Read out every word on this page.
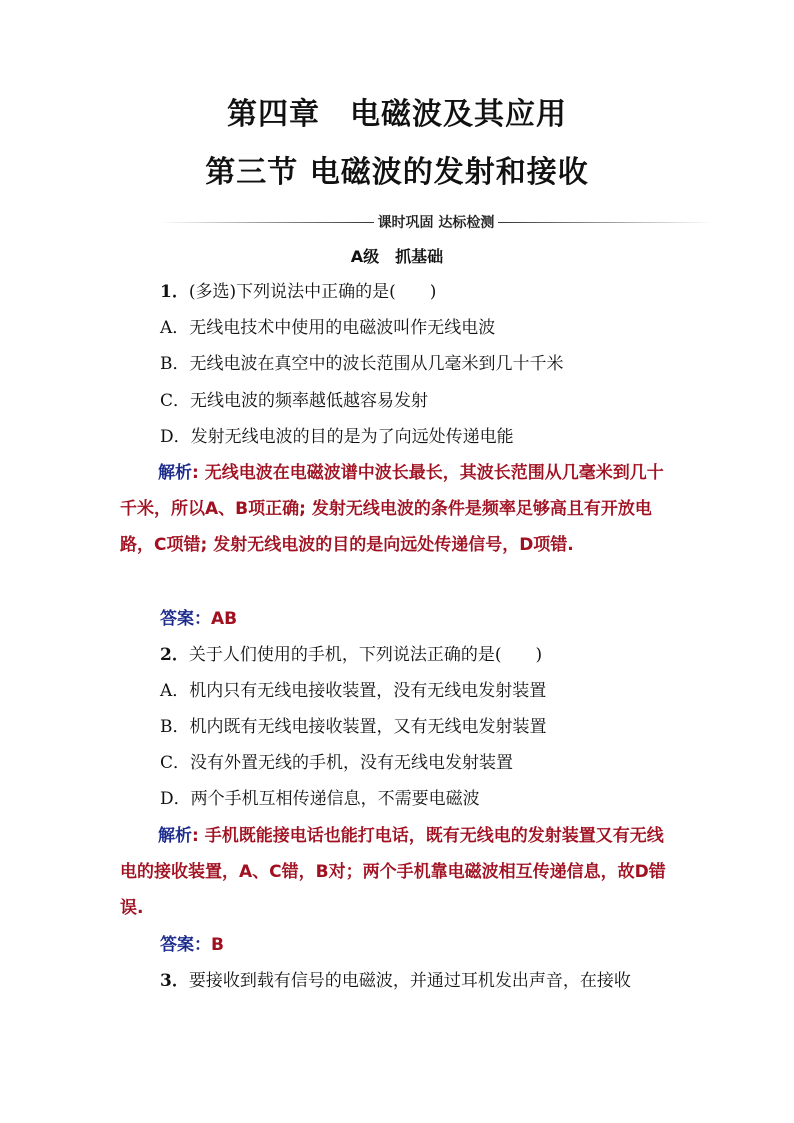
第四章 电磁波及其应用
第三节 电磁波的发射和接收
课时巩固 达标检测
A级　抓基础
1．(多选)下列说法中正确的是(　　)
A．无线电技术中使用的电磁波叫作无线电波
B．无线电波在真空中的波长范围从几毫米到几十千米
C．无线电波的频率越低越容易发射
D．发射无线电波的目的是为了向远处传递电能
解析: 无线电波在电磁波谱中波长最长，其波长范围从几毫米到几十千米，所以A、B项正确; 发射无线电波的条件是频率足够高且有开放电路，C项错; 发射无线电波的目的是向远处传递信号，D项错.
答案：AB
2．关于人们使用的手机，下列说法正确的是(　　)
A．机内只有无线电接收装置，没有无线电发射装置
B．机内既有无线电接收装置，又有无线电发射装置
C．没有外置无线的手机，没有无线电发射装置
D．两个手机互相传递信息，不需要电磁波
解析: 手机既能接电话也能打电话，既有无线电的发射装置又有无线电的接收装置，A、C错，B对；两个手机靠电磁波相互传递信息，故D错误.
答案：B
3．要接收到载有信号的电磁波，并通过耳机发出声音，在接收
